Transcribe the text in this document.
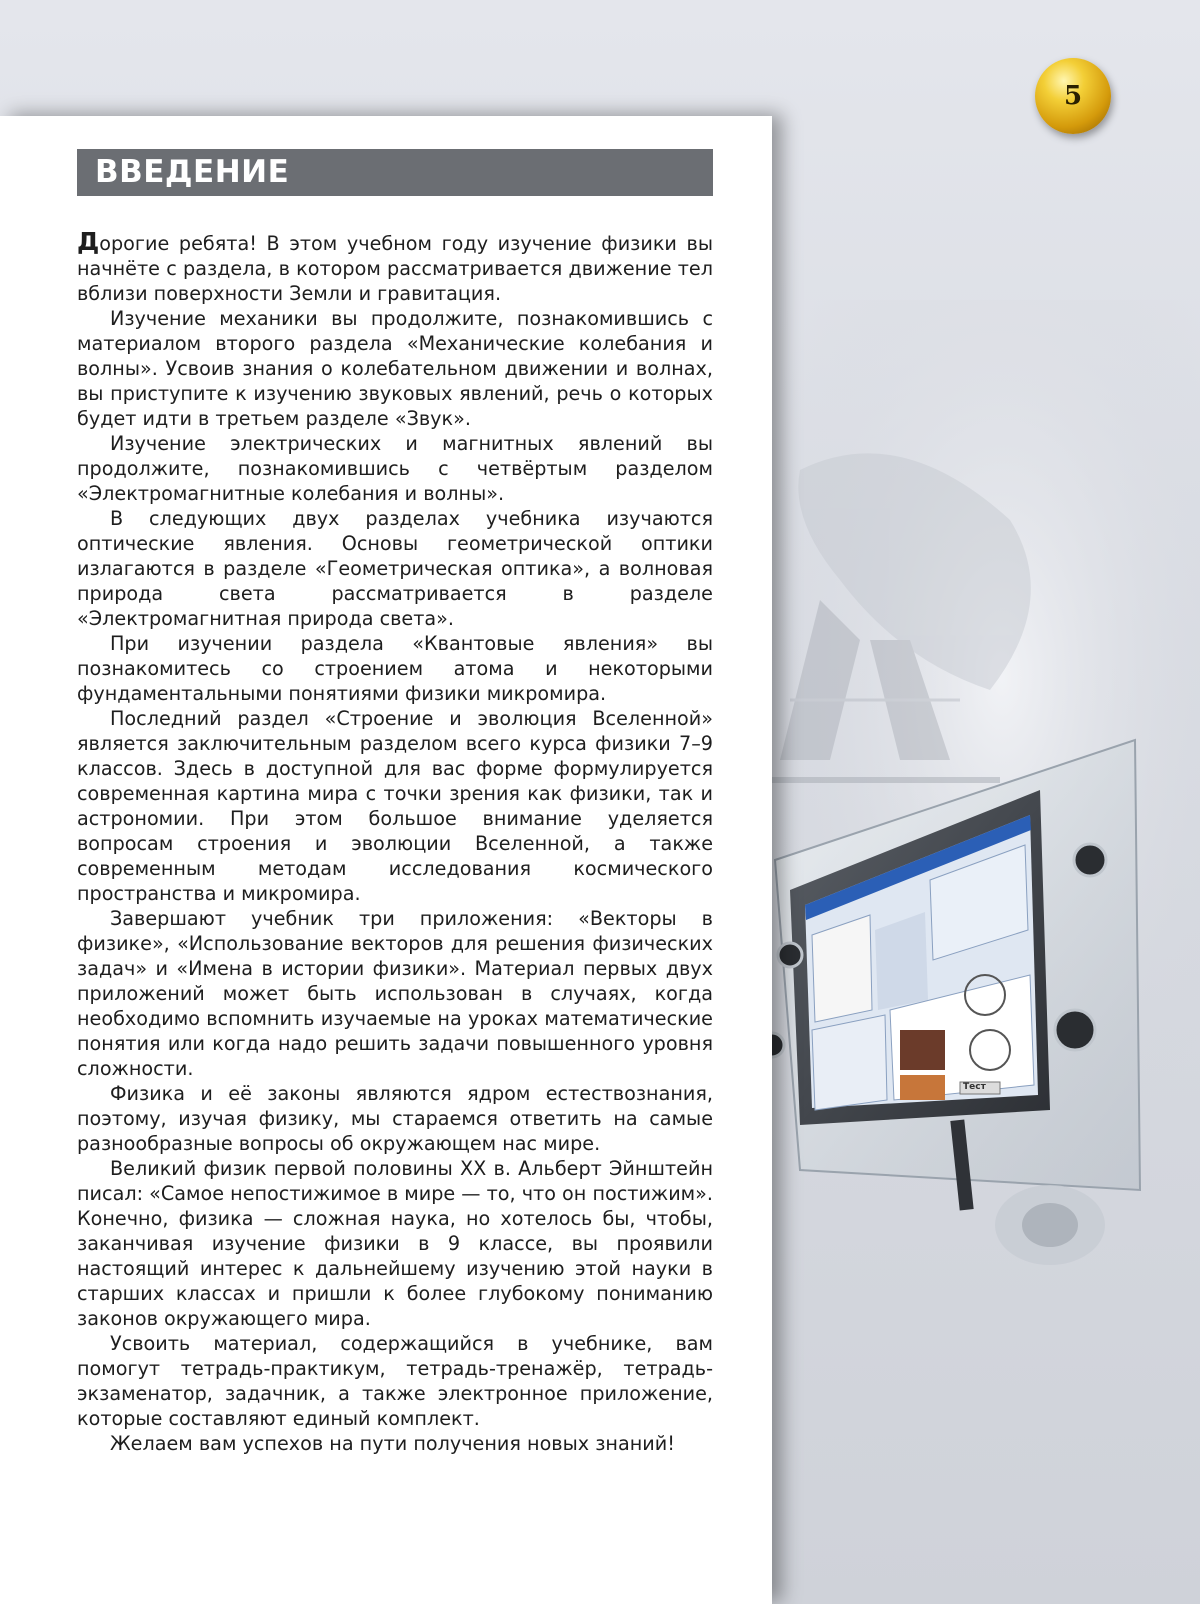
5
ВВЕДЕНИЕ

Дорогие ребята! В этом учебном году изучение физики вы начнёте с раздела, в котором рассматривается движение тел вблизи поверхности Земли и гравитация.

Изучение механики вы продолжите, познакомившись с материалом второго раздела «Механические колебания и волны». Усвоив знания о колебательном движении и волнах, вы приступите к изучению звуковых явлений, речь о которых будет идти в третьем разделе «Звук».

Изучение электрических и магнитных явлений вы продолжите, познакомившись с четвёртым разделом «Электромагнитные колебания и волны».

В следующих двух разделах учебника изучаются оптические явления. Основы геометрической оптики излагаются в разделе «Геометрическая оптика», а волновая природа света рассматривается в разделе «Электромагнитная природа света».

При изучении раздела «Квантовые явления» вы познакомитесь со строением атома и некоторыми фундаментальными понятиями физики микромира.

Последний раздел «Строение и эволюция Вселенной» является заключительным разделом всего курса физики 7–9 классов. Здесь в доступной для вас форме формулируется современная картина мира с точки зрения как физики, так и астрономии. При этом большое внимание уделяется вопросам строения и эволюции Вселенной, а также современным методам исследования космического пространства и микромира.

Завершают учебник три приложения: «Векторы в физике», «Использование векторов для решения физических задач» и «Имена в истории физики». Материал первых двух приложений может быть использован в случаях, когда необходимо вспомнить изучаемые на уроках математические понятия или когда надо решить задачи повышенного уровня сложности.

Физика и её законы являются ядром естествознания, поэтому, изучая физику, мы стараемся ответить на самые разнообразные вопросы об окружающем нас мире.

Великий физик первой половины XX в. Альберт Эйнштейн писал: «Самое непостижимое в мире — то, что он постижим». Конечно, физика — сложная наука, но хотелось бы, чтобы, заканчивая изучение физики в 9 классе, вы проявили настоящий интерес к дальнейшему изучению этой науки в старших классах и пришли к более глубокому пониманию законов окружающего мира.

Усвоить материал, содержащийся в учебнике, вам помогут тетрадь-практикум, тетрадь-тренажёр, тетрадь-экзаменатор, задачник, а также электронное приложение, которые составляют единый комплект.

Желаем вам успехов на пути получения новых знаний!

Тест
